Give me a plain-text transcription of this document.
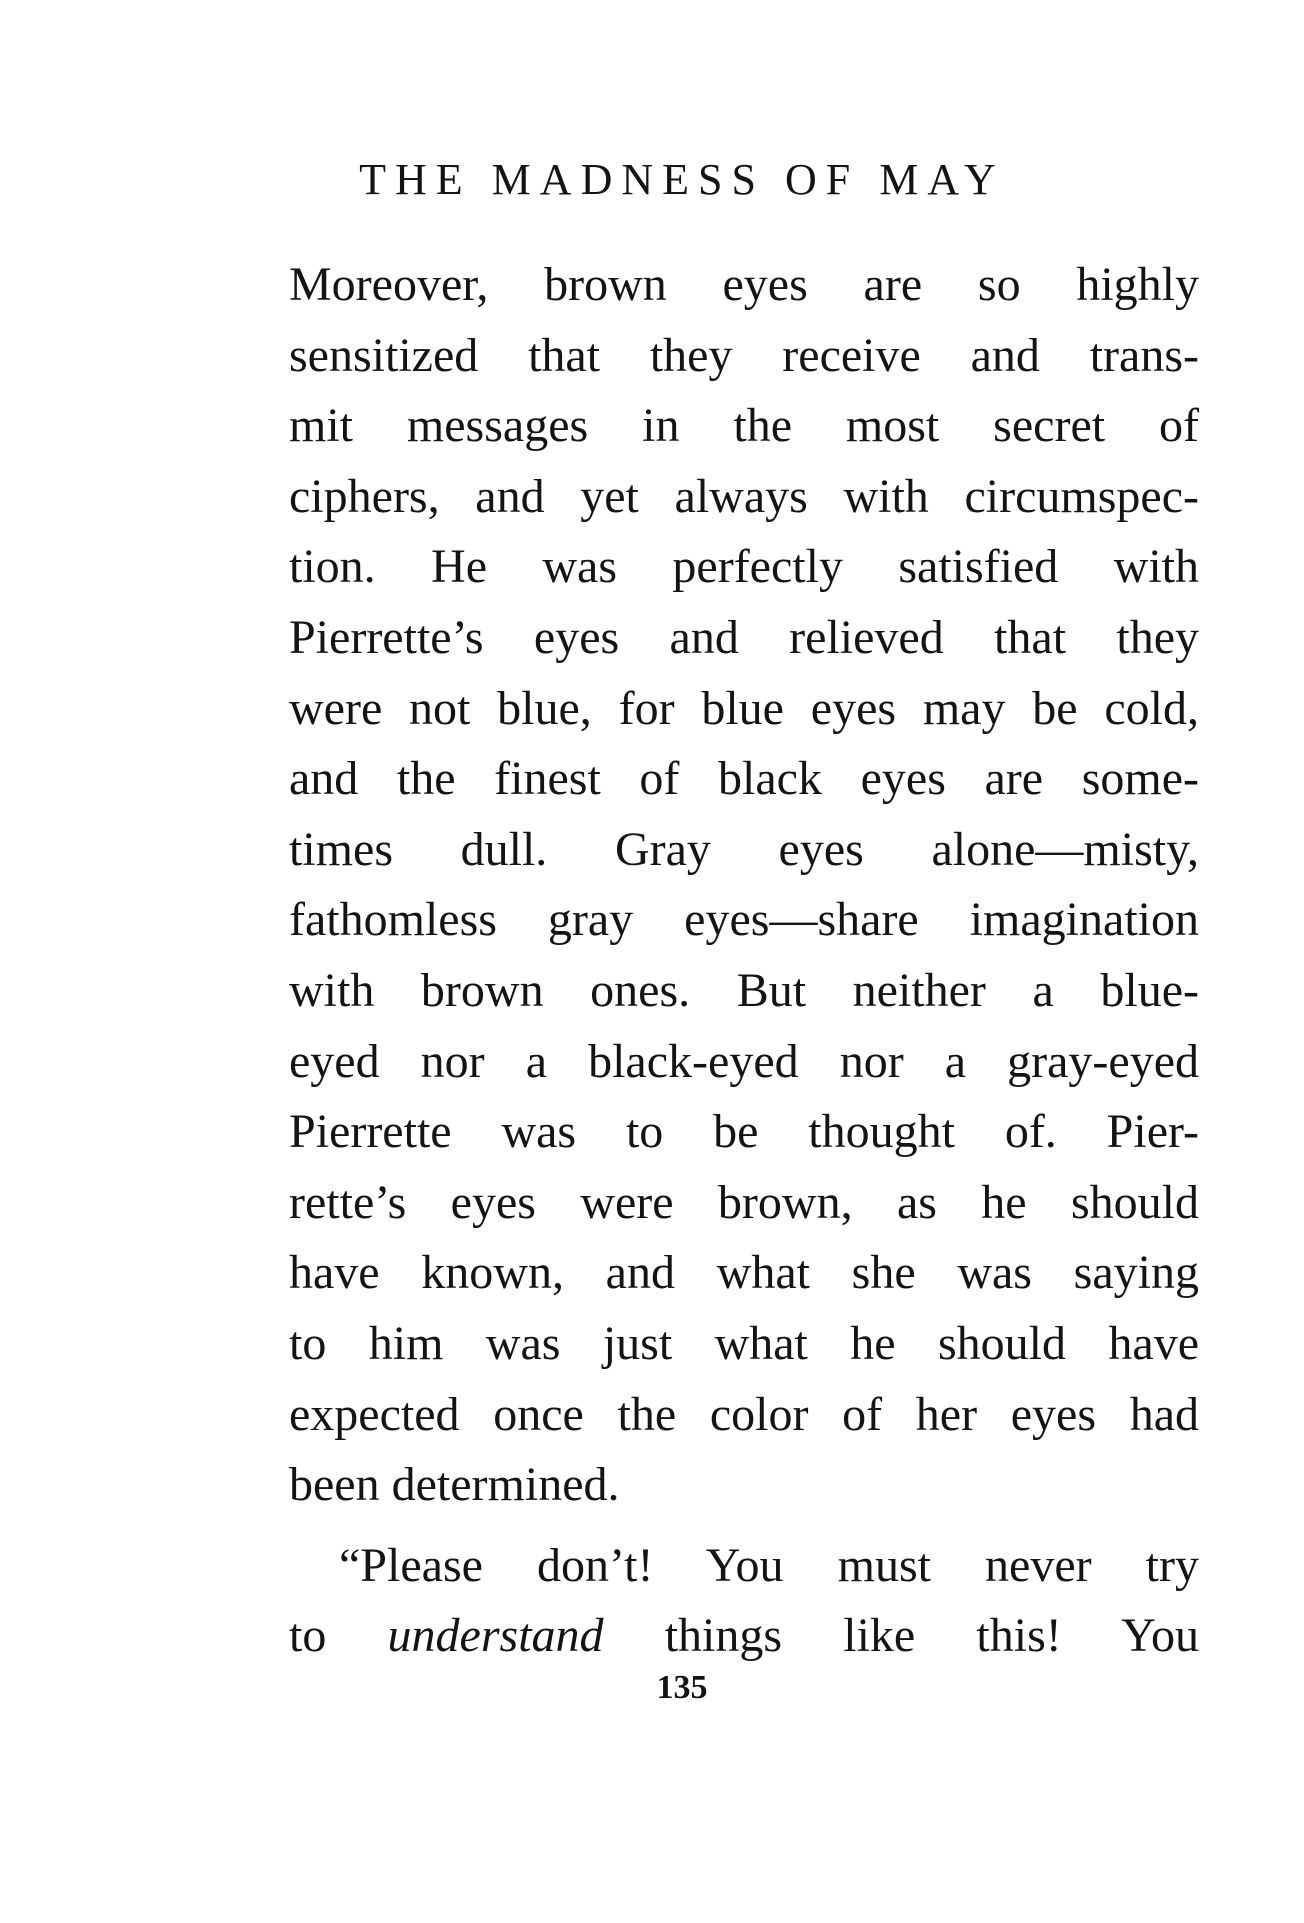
THE MADNESS OF MAY
Moreover, brown eyes are so highly
sensitized that they receive and trans-
mit messages in the most secret of
ciphers, and yet always with circumspec-
tion. He was perfectly satisfied with
Pierrette’s eyes and relieved that they
were not blue, for blue eyes may be cold,
and the finest of black eyes are some-
times dull. Gray eyes alone—misty,
fathomless gray eyes—share imagination
with brown ones. But neither a blue-
eyed nor a black-eyed nor a gray-eyed
Pierrette was to be thought of. Pier-
rette’s eyes were brown, as he should
have known, and what she was saying
to him was just what he should have
expected once the color of her eyes had
been determined.
“Please don’t! You must never try
to understand things like this! You
135
